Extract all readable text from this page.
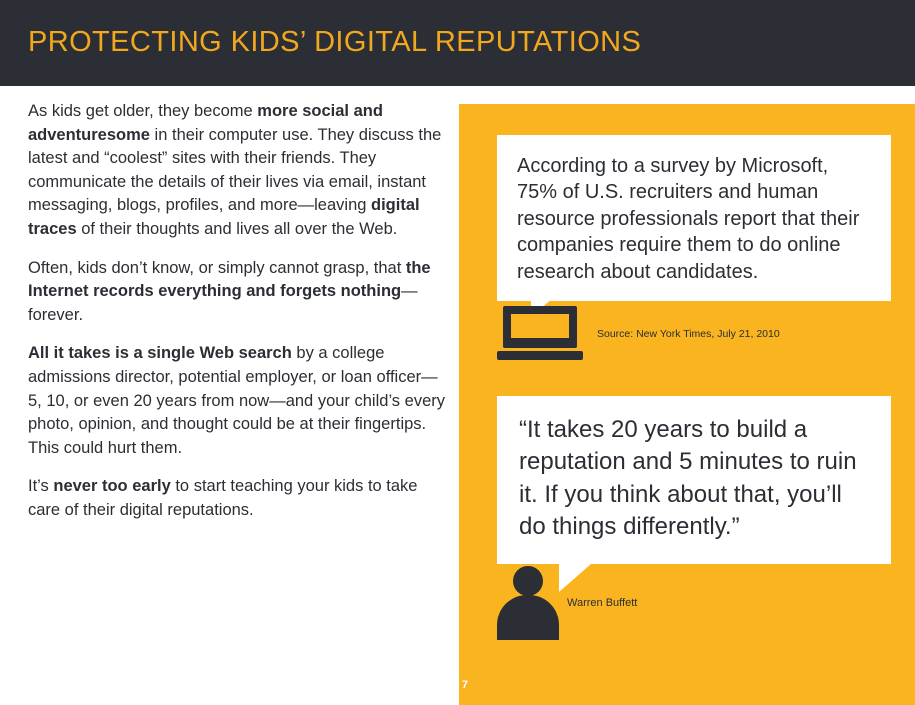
PROTECTING KIDS’ DIGITAL REPUTATIONS

As kids get older, they become more social and adventuresome in their computer use. They discuss the latest and “coolest” sites with their friends. They communicate the details of their lives via email, instant messaging, blogs, profiles, and more—leaving digital traces of their thoughts and lives all over the Web.

Often, kids don’t know, or simply cannot grasp, that the Internet records everything and forgets nothing—forever.

All it takes is a single Web search by a college admissions director, potential employer, or loan officer—5, 10, or even 20 years from now—and your child’s every photo, opinion, and thought could be at their fingertips. This could hurt them.

It’s never too early to start teaching your kids to take care of their digital reputations.

According to a survey by Microsoft, 75% of U.S. recruiters and human resource professionals report that their companies require them to do online research about candidates.
Source: New York Times, July 21, 2010
“It takes 20 years to build a reputation and 5 minutes to ruin it. If you think about that, you’ll do things differently.”
Warren Buffett
7
